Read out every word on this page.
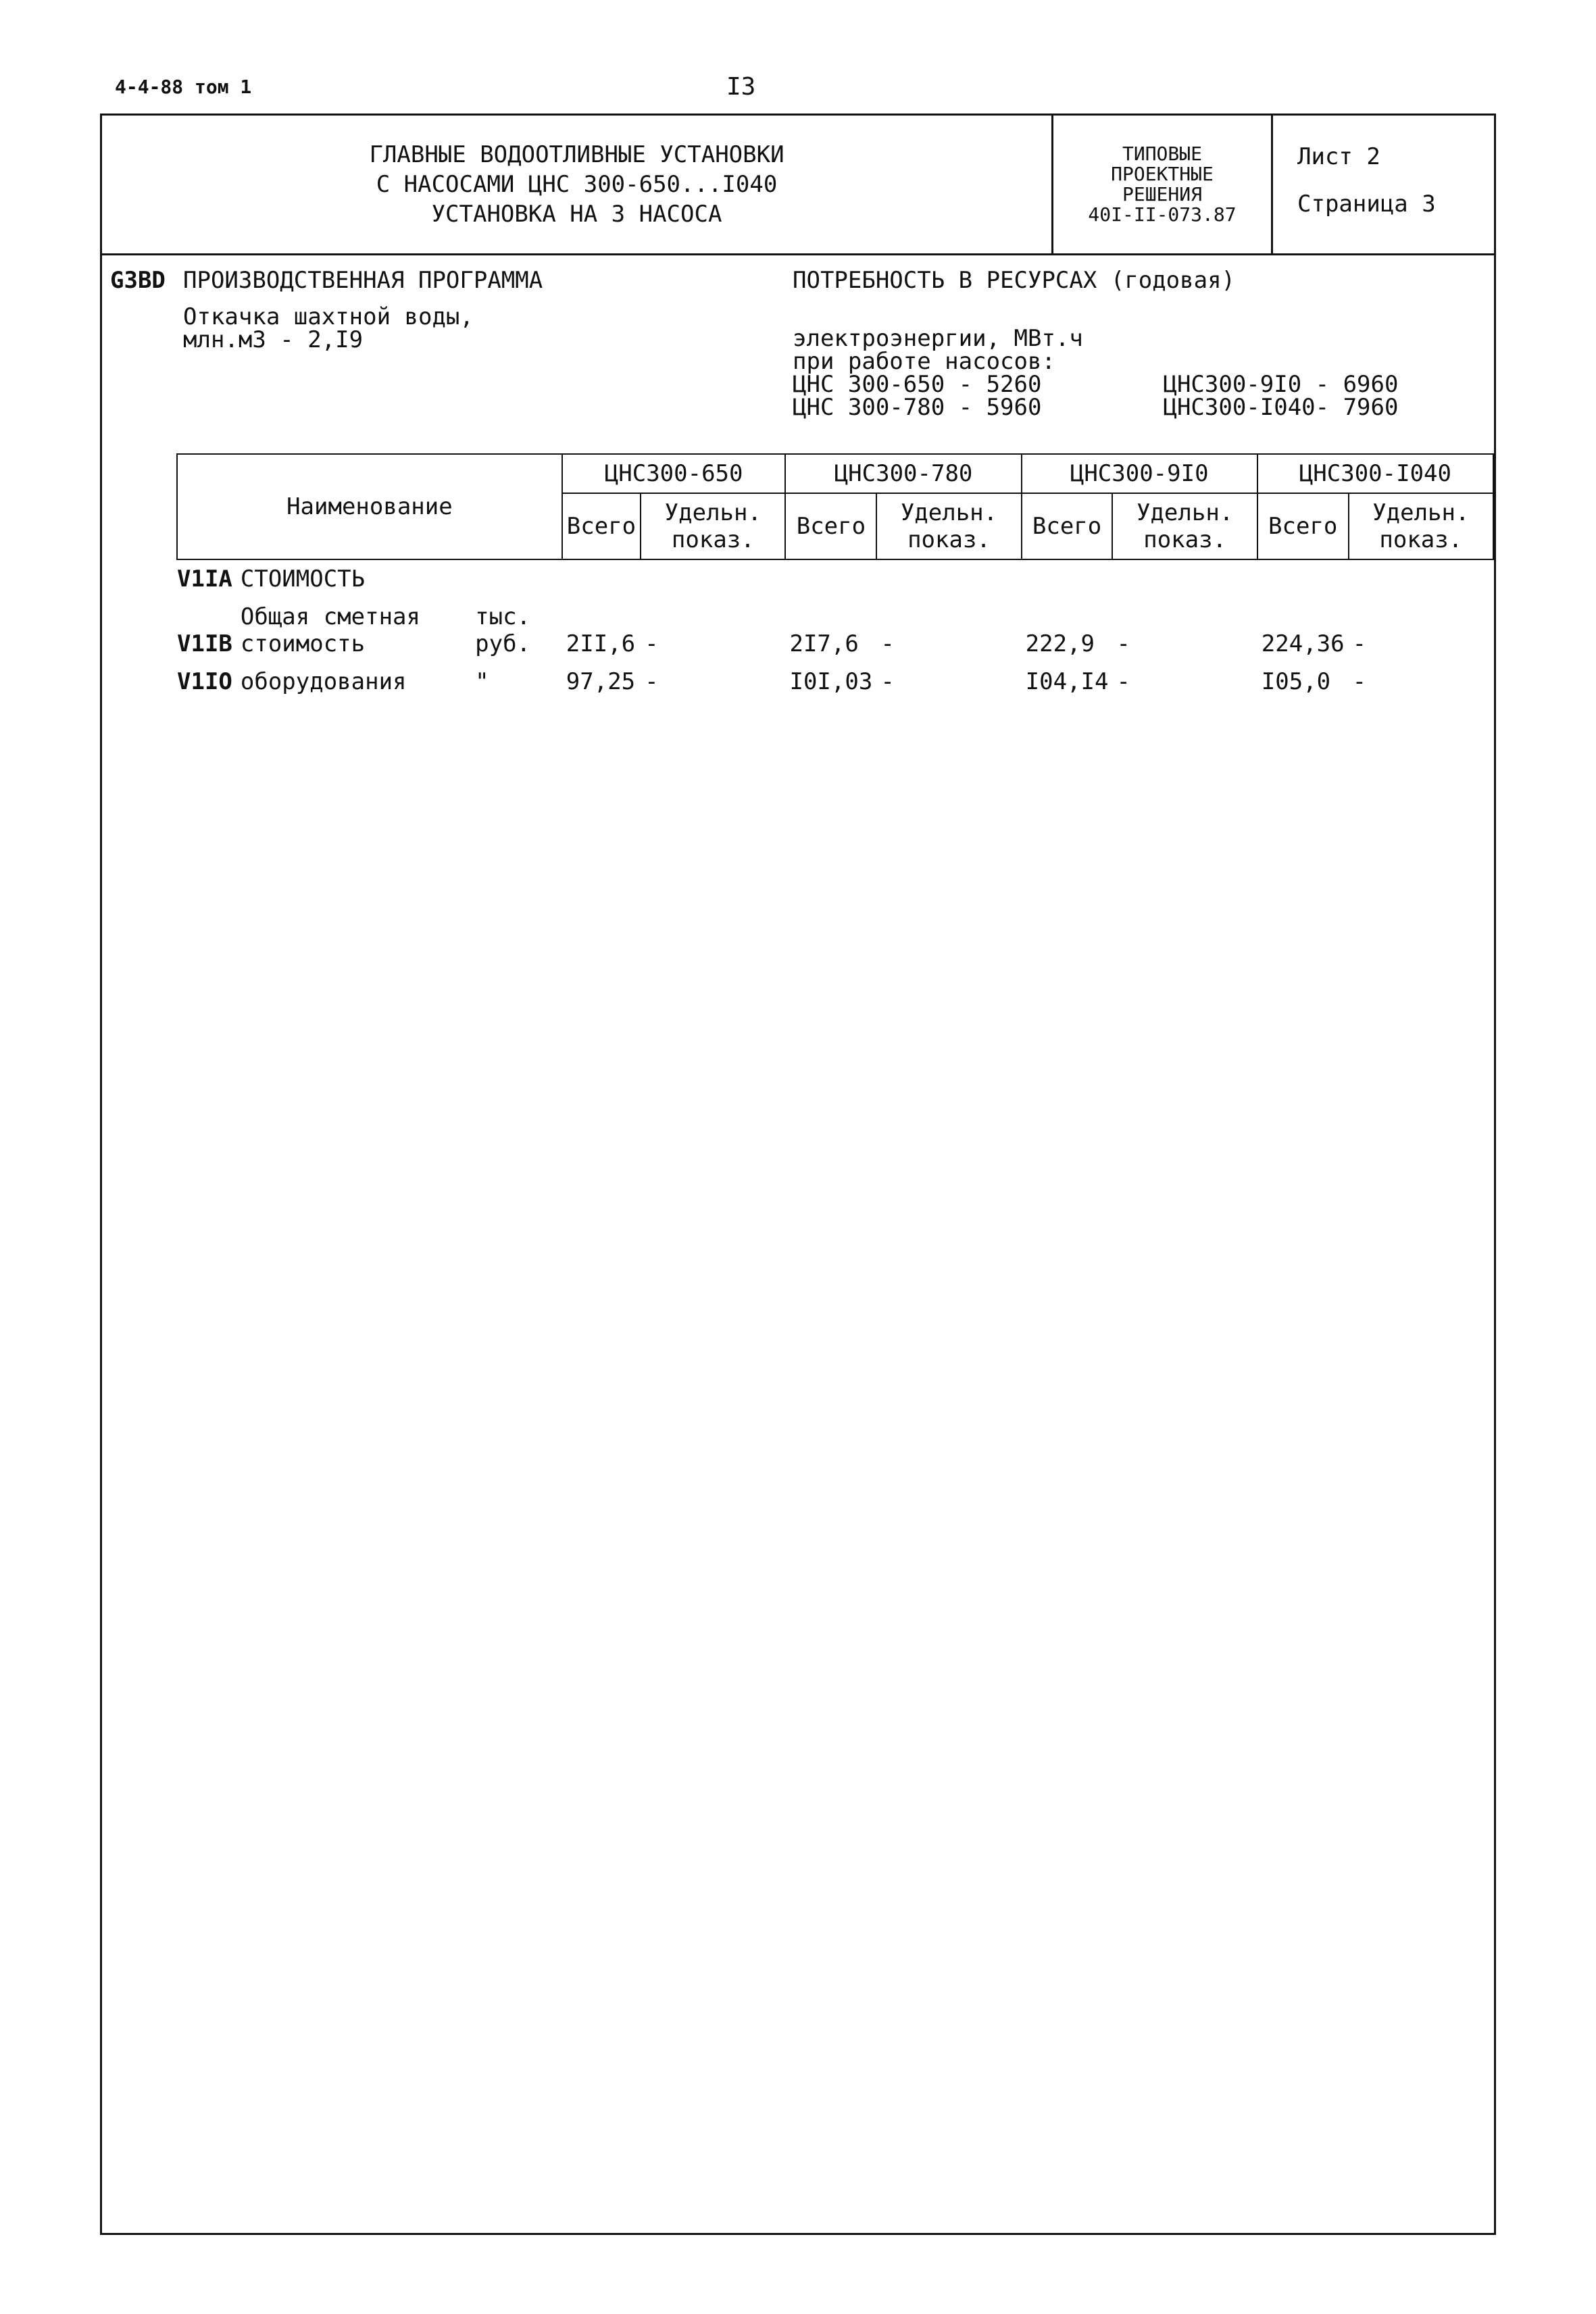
4-4-88 том 1	I3
ГЛАВНЫЕ ВОДООТЛИВНЫЕ УСТАНОВКИ
С НАСОСАМИ ЦНС 300-650...I040
УСТАНОВКА НА 3 НАСОСА
ТИПОВЫЕ
ПРОЕКТНЫЕ
РЕШЕНИЯ
40I-II-073.87
Лист 2
Страница 3
G3BD ПРОИЗВОДСТВЕННАЯ ПРОГРАММА
Откачка шахтной воды,
млн.м3 - 2,I9
ПОТРЕБНОСТЬ В РЕСУРСАХ (годовая)
электроэнергии, МВт.ч
при работе насосов:
ЦНС 300-650 - 5260
ЦНС 300-780 - 5960
ЦНС300-9I0 - 6960
ЦНС300-I040- 7960
Наименование			ЦНС300-650		ЦНС300-780		ЦНС300-9I0		ЦНС300-I040	
			Всего	Удельн. показ.	Всего	Удельн. показ.	Всего	Удельн. показ.	Всего	Удельн. показ.
V1IA	СТОИМОСТЬ									
V1IB	Общая сметная стоимость	тыс. руб.	2II,6	-	2I7,6	-	222,9	-	224,36	-
V1IO	оборудования	"	97,25	-	I0I,03	-	I04,I4	-	I05,0	-
